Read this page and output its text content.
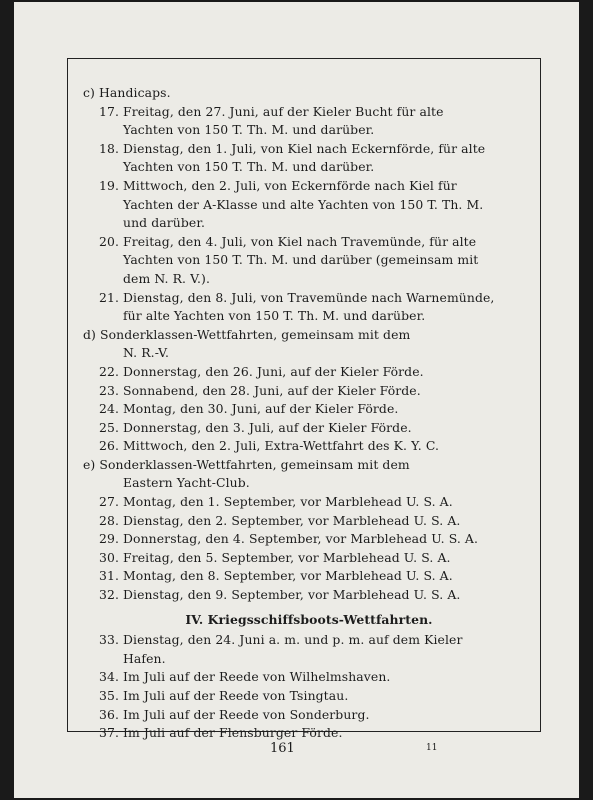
c) Handicaps.
17. Freitag, den 27. Juni, auf der Kieler Bucht für alte
Yachten von 150 T. Th. M. und darüber.
18. Dienstag, den 1. Juli, von Kiel nach Eckernförde, für alte
Yachten von 150 T. Th. M. und darüber.
19. Mittwoch, den 2. Juli, von Eckernförde nach Kiel für
Yachten der A-Klasse und alte Yachten von 150 T. Th. M.
und darüber.
20. Freitag, den 4. Juli, von Kiel nach Travemünde, für alte
Yachten von 150 T. Th. M. und darüber (gemeinsam mit
dem N. R. V.).
21. Dienstag, den 8. Juli, von Travemünde nach Warnemünde,
für alte Yachten von 150 T. Th. M. und darüber.
d) Sonderklassen-Wettfahrten, gemeinsam mit dem
N. R.-V.
22. Donnerstag, den 26. Juni, auf der Kieler Förde.
23. Sonnabend, den 28. Juni, auf der Kieler Förde.
24. Montag, den 30. Juni, auf der Kieler Förde.
25. Donnerstag, den 3. Juli, auf der Kieler Förde.
26. Mittwoch, den 2. Juli, Extra-Wettfahrt des K. Y. C.
e) Sonderklassen-Wettfahrten, gemeinsam mit dem
Eastern Yacht-Club.
27. Montag, den 1. September, vor Marblehead U. S. A.
28. Dienstag, den 2. September, vor Marblehead U. S. A.
29. Donnerstag, den 4. September, vor Marblehead U. S. A.
30. Freitag, den 5. September, vor Marblehead U. S. A.
31. Montag, den 8. September, vor Marblehead U. S. A.
32. Dienstag, den 9. September, vor Marblehead U. S. A.
IV. Kriegsschiffsboots-Wettfahrten.
33. Dienstag, den 24. Juni a. m. und p. m. auf dem Kieler
Hafen.
34. Im Juli auf der Reede von Wilhelmshaven.
35. Im Juli auf der Reede von Tsingtau.
36. Im Juli auf der Reede von Sonderburg.
37. Im Juli auf der Flensburger Förde.
161	11
